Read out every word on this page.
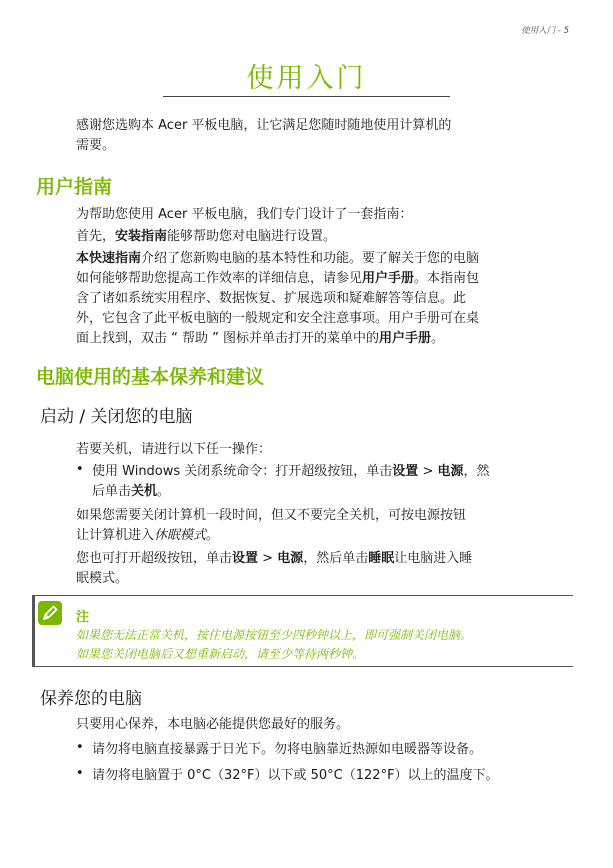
使用入门 - 5
使用入门

感谢您选购本 Acer 平板电脑，让它满足您随时随地使用计算机的

需要。

用户指南

为帮助您使用 Acer 平板电脑，我们专门设计了一套指南：

首先，安装指南能够帮助您对电脑进行设置。

本快速指南介绍了您新购电脑的基本特性和功能。要了解关于您的电脑

如何能够帮助您提高工作效率的详细信息，请参见用户手册。本指南包

含了诸如系统实用程序、数据恢复、扩展选项和疑难解答等信息。此

外，它包含了此平板电脑的一般规定和安全注意事项。用户手册可在桌

面上找到，双击 “ 帮助 ” 图标并单击打开的菜单中的用户手册。

电脑使用的基本保养和建议
启动 / 关闭您的电脑

若要关机，请进行以下任一操作：

• 使用 Windows 关闭系统命令：打开超级按钮，单击设置 > 电源，然

后单击关机。

如果您需要关闭计算机一段时间，但又不要完全关机，可按电源按钮

让计算机进入休眠模式。

您也可打开超级按钮，单击设置 > 电源，然后单击睡眠让电脑进入睡

眠模式。

注
如果您无法正常关机，按住电源按钮至少四秒钟以上，即可强制关闭电脑。
如果您关闭电脑后又想重新启动，请至少等待两秒钟。
保养您的电脑

只要用心保养，本电脑必能提供您最好的服务。

• 请勿将电脑直接暴露于日光下。勿将电脑靠近热源如电暖器等设备。

• 请勿将电脑置于 0°C（32°F）以下或 50°C（122°F）以上的温度下。
